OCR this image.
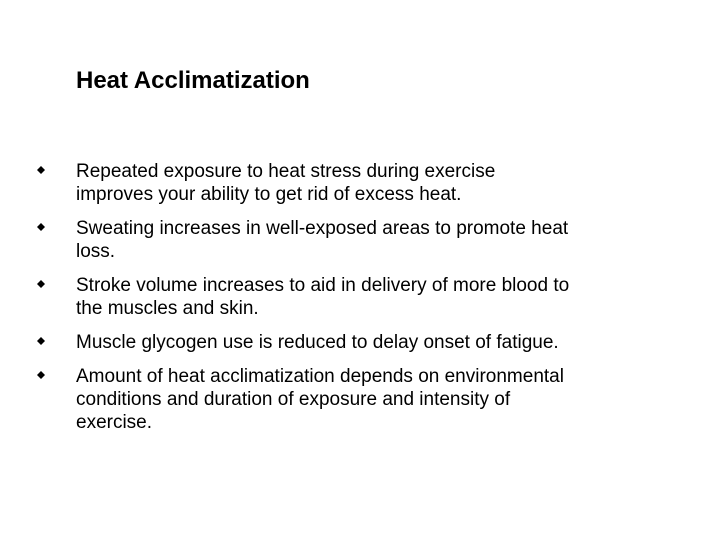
Heat Acclimatization
Repeated exposure to heat stress during exercise improves your ability to get rid of excess heat.
Sweating increases in well-exposed areas to promote heat loss.
Stroke volume increases to aid in delivery of more blood to the muscles and skin.
Muscle glycogen use is reduced to delay onset of fatigue.
Amount of heat acclimatization depends on environmental conditions and duration of exposure and intensity of exercise.
